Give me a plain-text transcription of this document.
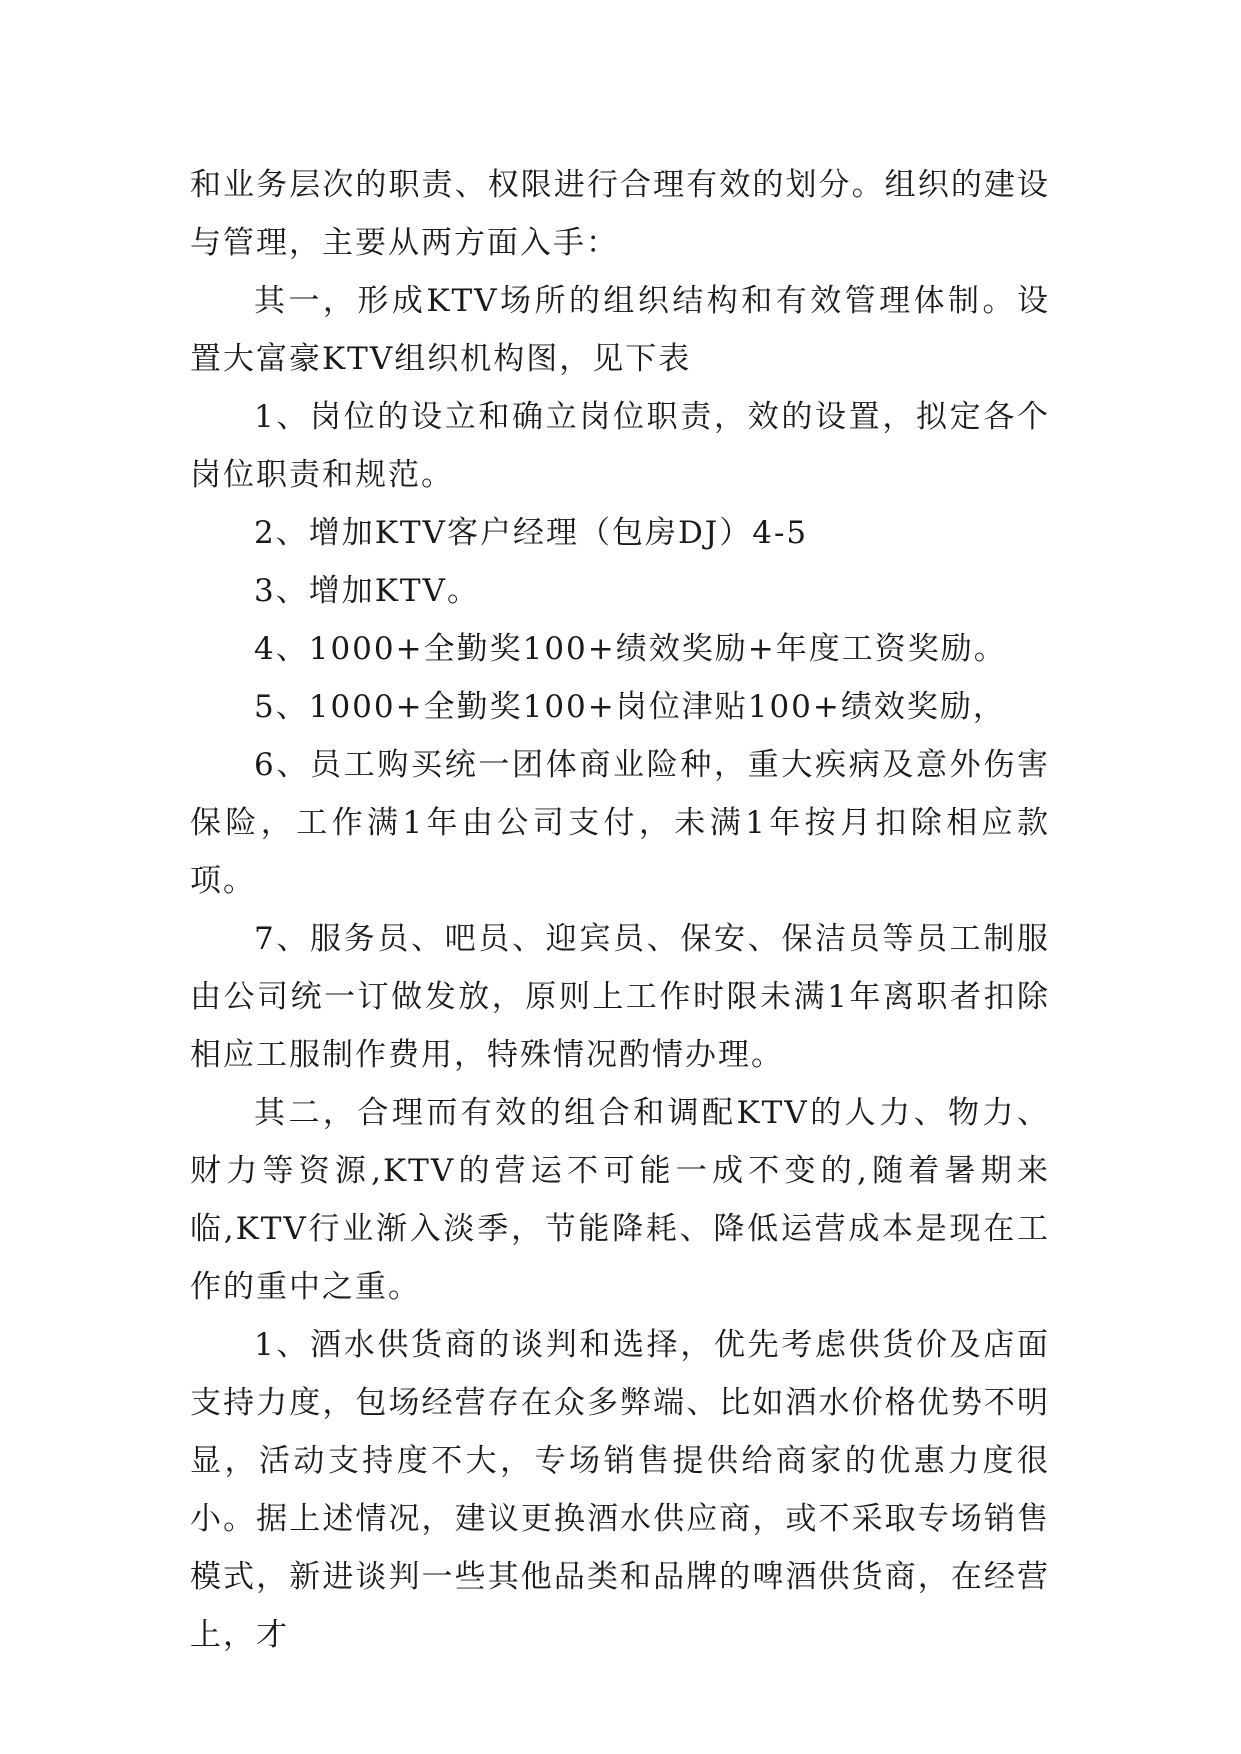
和业务层次的职责、权限进行合理有效的划分。组织的建设与管理，主要从两方面入手：

其一，形成KTV场所的组织结构和有效管理体制。设置大富豪KTV组织机构图，见下表

1、岗位的设立和确立岗位职责，效的设置，拟定各个岗位职责和规范。

2、增加KTV客户经理（包房DJ）4-5

3、增加KTV。

4、1000+全勤奖100+绩效奖励+年度工资奖励。

5、1000+全勤奖100+岗位津贴100+绩效奖励，

6、员工购买统一团体商业险种，重大疾病及意外伤害保险，工作满1年由公司支付，未满1年按月扣除相应款项。

7、服务员、吧员、迎宾员、保安、保洁员等员工制服由公司统一订做发放，原则上工作时限未满1年离职者扣除相应工服制作费用，特殊情况酌情办理。

其二，合理而有效的组合和调配KTV的人力、物力、财力等资源,KTV的营运不可能一成不变的,随着暑期来临,KTV行业渐入淡季，节能降耗、降低运营成本是现在工作的重中之重。

1、酒水供货商的谈判和选择，优先考虑供货价及店面支持力度，包场经营存在众多弊端、比如酒水价格优势不明显，活动支持度不大，专场销售提供给商家的优惠力度很小。据上述情况，建议更换酒水供应商，或不采取专场销售模式，新进谈判一些其他品类和品牌的啤酒供货商，在经营上，才
